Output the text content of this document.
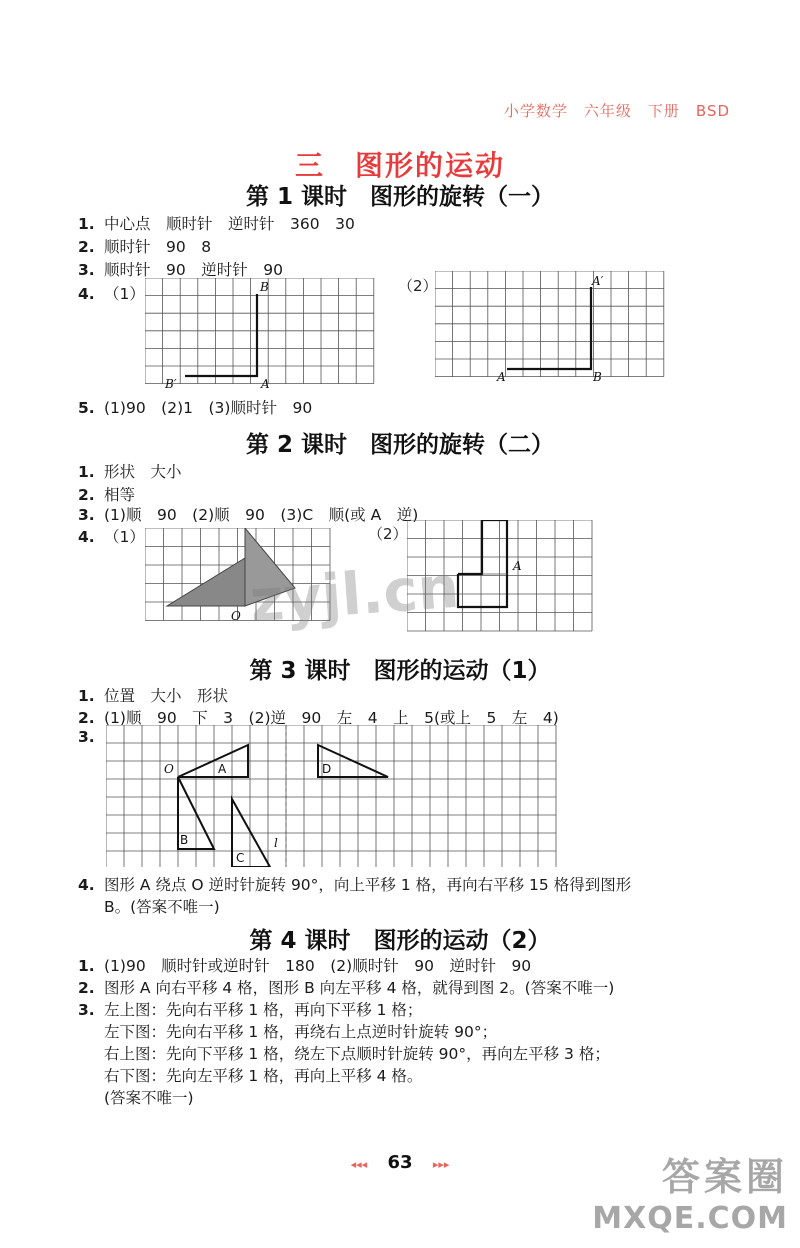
小学数学　六年级　下册　BSD
三　图形的运动
第 1 课时　图形的旋转（一）
1. 中心点　顺时针　逆时针　360　30
2. 顺时针　90　8
3. 顺时针　90　逆时针　90
4. （1）	（2）
B
A
B′
A′
A	B
5. (1)90　(2)1　(3)顺时针　90
第 2 课时　图形的旋转（二）
1. 形状　大小
2. 相等
3. (1)顺　90　(2)顺　90　(3)C　顺(或 A　逆)
4. （1）	（2）
O
A
第 3 课时　图形的运动（1）
1. 位置　大小　形状
2. (1)顺　90　下　3　(2)逆　90　左　4　上　5(或上　5　左　4)
3.
O	A
B
C
D
l
4. 图形 A 绕点 O 逆时针旋转 90°，向上平移 1 格，再向右平移 15 格得到图形
B。(答案不唯一)
第 4 课时　图形的运动（2）
1. (1)90　顺时针或逆时针　180　(2)顺时针　90　逆时针　90
2. 图形 A 向右平移 4 格，图形 B 向左平移 4 格，就得到图 2。(答案不唯一)
3. 左上图：先向右平移 1 格，再向下平移 1 格；
左下图：先向右平移 1 格，再绕右上点逆时针旋转 90°；
右上图：先向下平移 1 格，绕左下点顺时针旋转 90°，再向左平移 3 格；
右下图：先向左平移 1 格，再向上平移 4 格。
(答案不唯一)
◂◂◂ 63 ▸▸▸
zyjl.cn
答案圈
MXQE.COM
